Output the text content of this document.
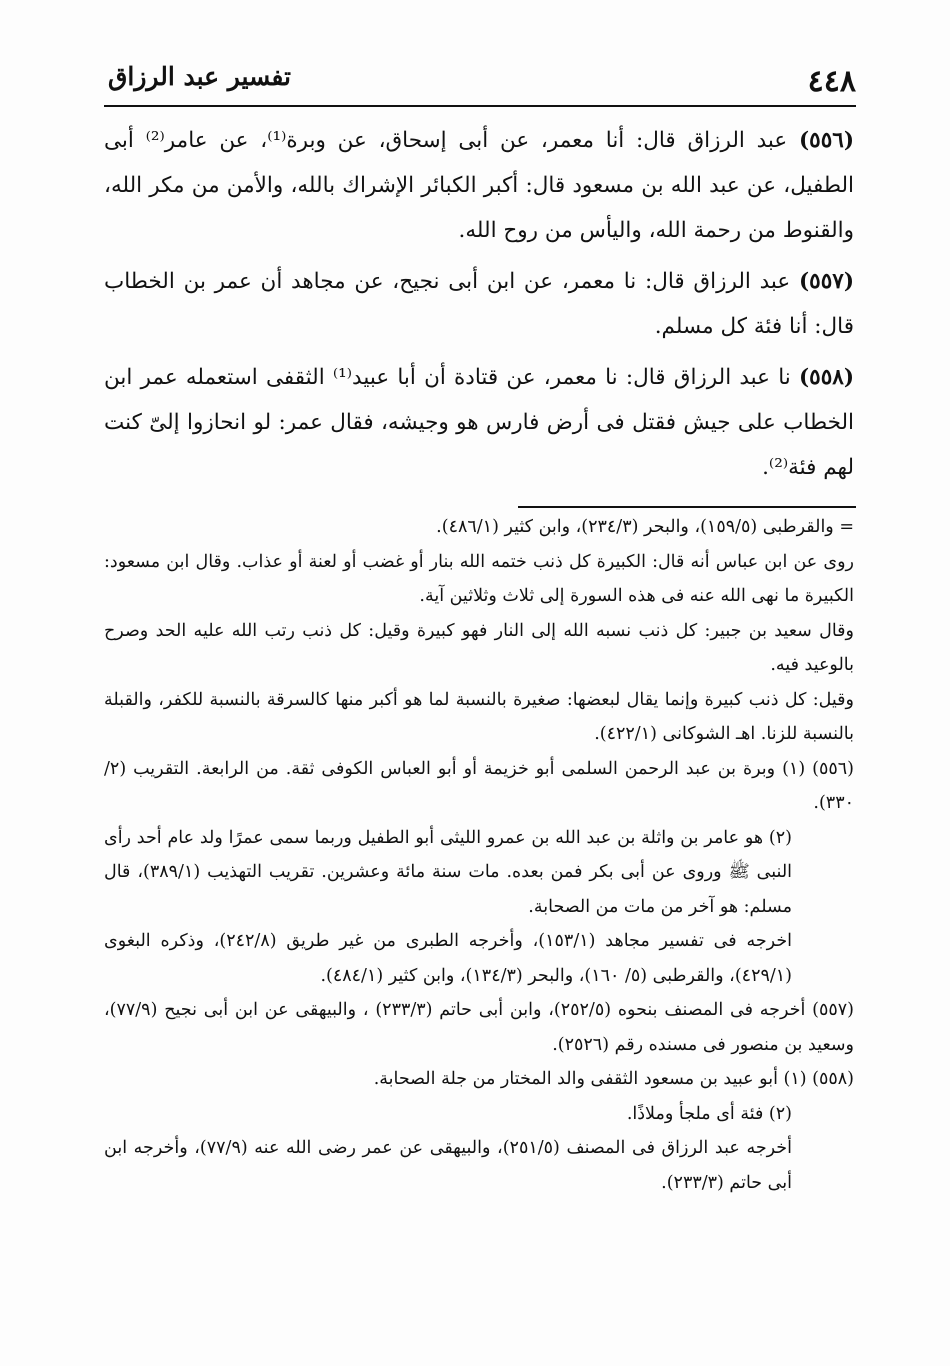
٤٤٨
تفسير عبد الرزاق

(٥٥٦) عبد الرزاق قال: أنا معمر، عن أبى إسحاق، عن وبرة⁽¹⁾، عن عامر⁽²⁾ أبى الطفيل، عن عبد الله بن مسعود قال: أكبر الكبائر الإشراك بالله، والأمن من مكر الله، والقنوط من رحمة الله، واليأس من روح الله.

(٥٥٧) عبد الرزاق قال: نا معمر، عن ابن أبى نجيح، عن مجاهد أن عمر بن الخطاب قال: أنا فئة كل مسلم.

(٥٥٨) نا عبد الرزاق قال: نا معمر، عن قتادة أن أبا عبيد⁽¹⁾ الثقفى استعمله عمر ابن الخطاب على جيش فقتل فى أرض فارس هو وجيشه، فقال عمر: لو انحازوا إلىّ كنت لهم فئة⁽²⁾.

= والقرطبى (١٥٩/٥)، والبحر (٢٣٤/٣)، وابن كثير (٤٨٦/١).

روى عن ابن عباس أنه قال: الكبيرة كل ذنب ختمه الله بنار أو غضب أو لعنة أو عذاب. وقال ابن مسعود: الكبيرة ما نهى الله عنه فى هذه السورة إلى ثلاث وثلاثين آية.

وقال سعيد بن جبير: كل ذنب نسبه الله إلى النار فهو كبيرة وقيل: كل ذنب رتب الله عليه الحد وصرح بالوعيد فيه.

وقيل: كل ذنب كبيرة وإنما يقال لبعضها: صغيرة بالنسبة لما هو أكبر منها كالسرقة بالنسبة للكفر، والقبلة بالنسبة للزنا. اهـ الشوكانى (٤٢٢/١).

(٥٥٦) (١) وبرة بن عبد الرحمن السلمى أبو خزيمة أو أبو العباس الكوفى ثقة. من الرابعة. التقريب (٢/ ٣٣٠).

(٢) هو عامر بن واثلة بن عبد الله بن عمرو الليثى أبو الطفيل وربما سمى عمرًا ولد عام أحد رأى النبى ﷺ وروى عن أبى بكر فمن بعده. مات سنة مائة وعشرين. تقريب التهذيب (٣٨٩/١)، قال مسلم: هو آخر من مات من الصحابة.

اخرجه فى تفسير مجاهد (١٥٣/١)، وأخرجه الطبرى من غير طريق (٢٤٢/٨)، وذكره البغوى (٤٢٩/١)، والقرطبى (٥/ ١٦٠)، والبحر (١٣٤/٣)، وابن كثير (٤٨٤/١).

(٥٥٧) أخرجه فى المصنف بنحوه (٢٥٢/٥)، وابن أبى حاتم (٢٣٣/٣) ، والبيهقى عن ابن أبى نجيح (٧٧/٩)، وسعيد بن منصور فى مسنده رقم (٢٥٢٦).

(٥٥٨) (١) أبو عبيد بن مسعود الثقفى والد المختار من جلة الصحابة.

(٢) فئة أى ملجأ وملاذًا.

أخرجه عبد الرزاق فى المصنف (٢٥١/٥)، والبيهقى عن عمر رضى الله عنه (٧٧/٩)، وأخرجه ابن أبى حاتم (٢٣٣/٣).
